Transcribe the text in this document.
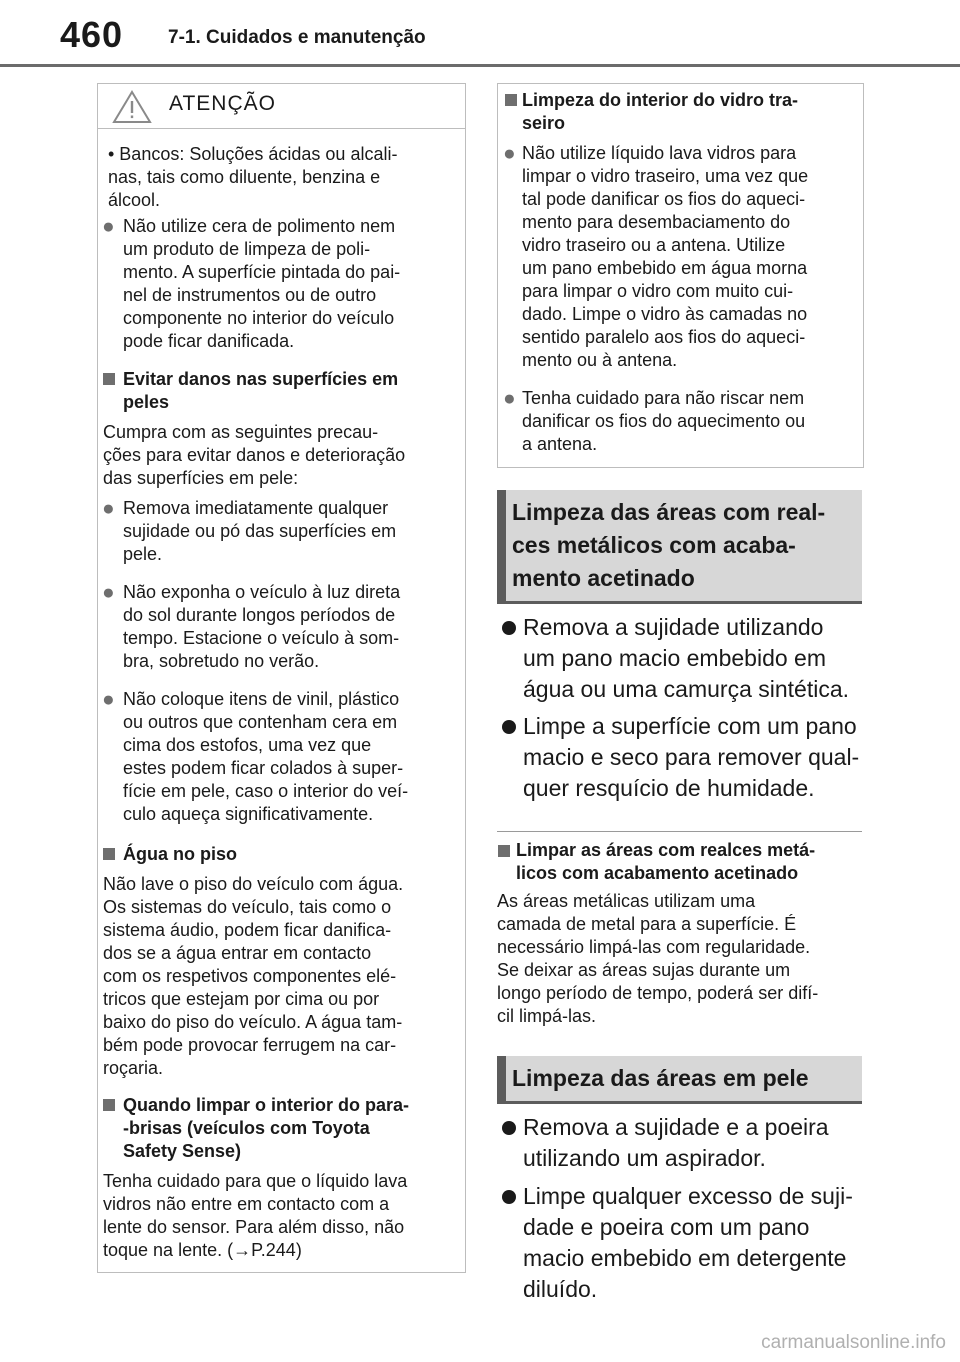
460 7-1. Cuidados e manutenção
ATENÇÃO
• Bancos: Soluções ácidas ou alcali-
nas, tais como diluente, benzina e
álcool.
● Não utilize cera de polimento nem
um produto de limpeza de poli-
mento. A superfície pintada do pai-
nel de instrumentos ou de outro
componente no interior do veículo
pode ficar danificada.
Evitar danos nas superfícies em
peles
Cumpra com as seguintes precau-
ções para evitar danos e deterioração
das superfícies em pele:
● Remova imediatamente qualquer
sujidade ou pó das superfícies em
pele.
● Não exponha o veículo à luz direta
do sol durante longos períodos de
tempo. Estacione o veículo à som-
bra, sobretudo no verão.
● Não coloque itens de vinil, plástico
ou outros que contenham cera em
cima dos estofos, uma vez que
estes podem ficar colados à super-
fície em pele, caso o interior do veí-
culo aqueça significativamente.
Água no piso
Não lave o piso do veículo com água.
Os sistemas do veículo, tais como o
sistema áudio, podem ficar danifica-
dos se a água entrar em contacto
com os respetivos componentes elé-
tricos que estejam por cima ou por
baixo do piso do veículo. A água tam-
bém pode provocar ferrugem na car-
roçaria.
Quando limpar o interior do para-
-brisas (veículos com Toyota
Safety Sense)
Tenha cuidado para que o líquido lava
vidros não entre em contacto com a
lente do sensor. Para além disso, não
toque na lente. (→P.244)
Limpeza do interior do vidro tra-
seiro
● Não utilize líquido lava vidros para
limpar o vidro traseiro, uma vez que
tal pode danificar os fios do aqueci-
mento para desembaciamento do
vidro traseiro ou a antena. Utilize
um pano embebido em água morna
para limpar o vidro com muito cui-
dado. Limpe o vidro às camadas no
sentido paralelo aos fios do aqueci-
mento ou à antena.
● Tenha cuidado para não riscar nem
danificar os fios do aquecimento ou
a antena.
Limpeza das áreas com real-
ces metálicos com acaba-
mento acetinado
Remova a sujidade utilizando
um pano macio embebido em
água ou uma camurça sintética.
Limpe a superfície com um pano
macio e seco para remover qual-
quer resquício de humidade.
Limpar as áreas com realces metá-
licos com acabamento acetinado
As áreas metálicas utilizam uma
camada de metal para a superfície. É
necessário limpá-las com regularidade.
Se deixar as áreas sujas durante um
longo período de tempo, poderá ser difí-
cil limpá-las.
Limpeza das áreas em pele
Remova a sujidade e a poeira
utilizando um aspirador.
Limpe qualquer excesso de suji-
dade e poeira com um pano
macio embebido em detergente
diluído.
carmanualsonline.info
